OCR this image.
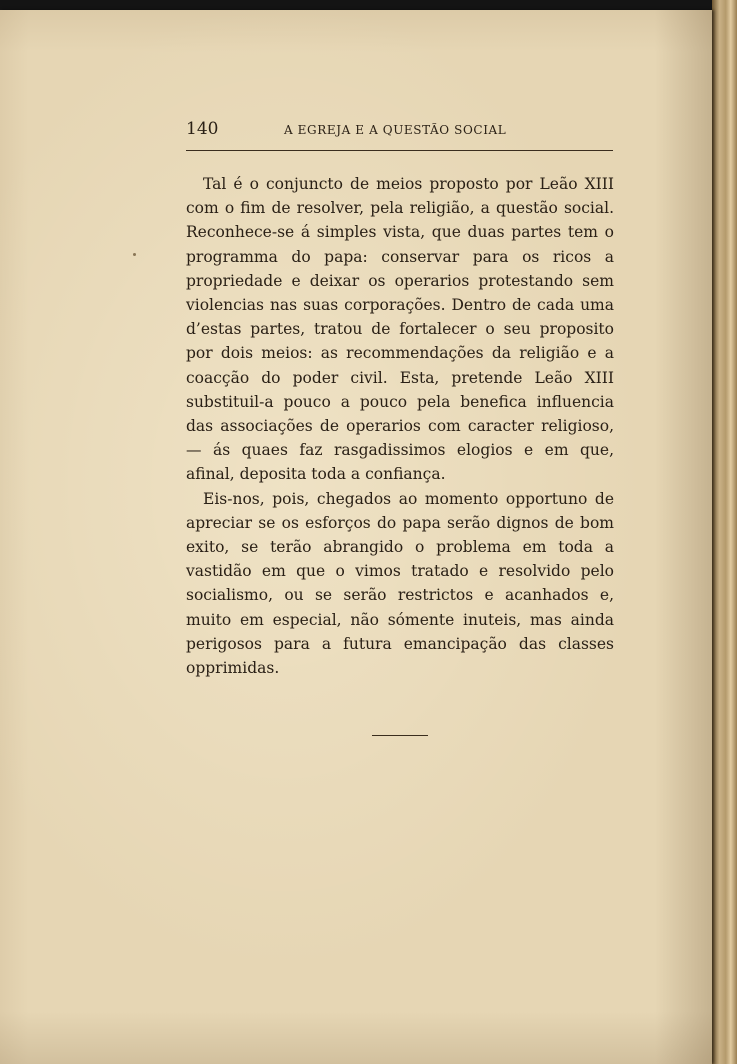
140	A EGREJA E A QUESTÃO SOCIAL

Tal é o conjuncto de meios proposto por Leão XIII com o fim de resolver, pela religião, a questão social. Reconhece-se á simples vista, que duas partes tem o programma do papa: conservar para os ricos a propriedade e deixar os operarios protestando sem violencias nas suas corporações. Dentro de cada uma d’estas partes, tratou de fortalecer o seu proposito por dois meios: as recommendações da religião e a coacção do poder civil. Esta, pretende Leão XIII substituil-a pouco a pouco pela benefica influencia das associações de operarios com caracter religioso, — ás quaes faz rasgadissimos elogios e em que, afinal, deposita toda a confiança.

Eis-nos, pois, chegados ao momento opportuno de apreciar se os esforços do papa serão dignos de bom exito, se terão abrangido o problema em toda a vastidão em que o vimos tratado e resolvido pelo socialismo, ou se serão restrictos e acanhados e, muito em especial, não sómente inuteis, mas ainda perigosos para a futura emancipação das classes opprimidas.
